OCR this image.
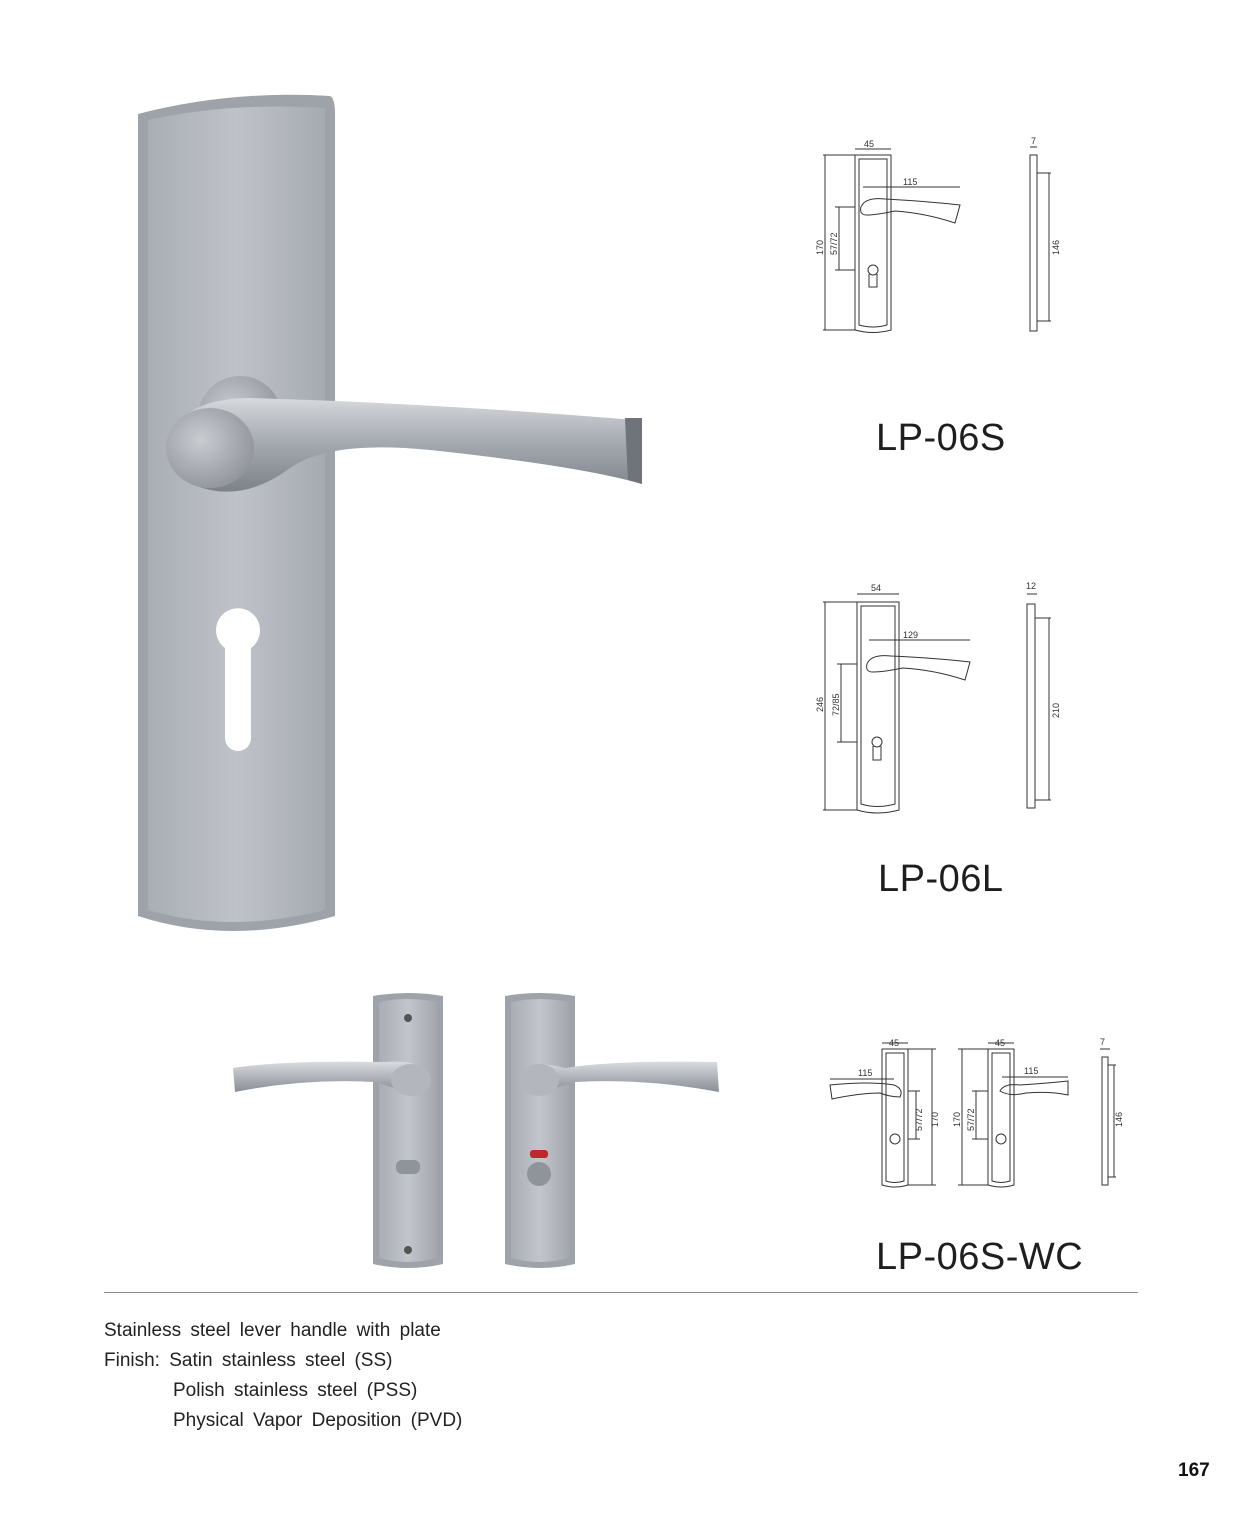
45
115
170 57/72
7
146
LP-06S
54
129
246 72/85
12
210
LP-06L
45
115
57/72 170
45
115
170 57/72
7
146
LP-06S-WC
Stainless steel lever handle with plate
Finish: Satin stainless steel (SS)
Polish stainless steel (PSS)
Physical Vapor Deposition (PVD)
167
